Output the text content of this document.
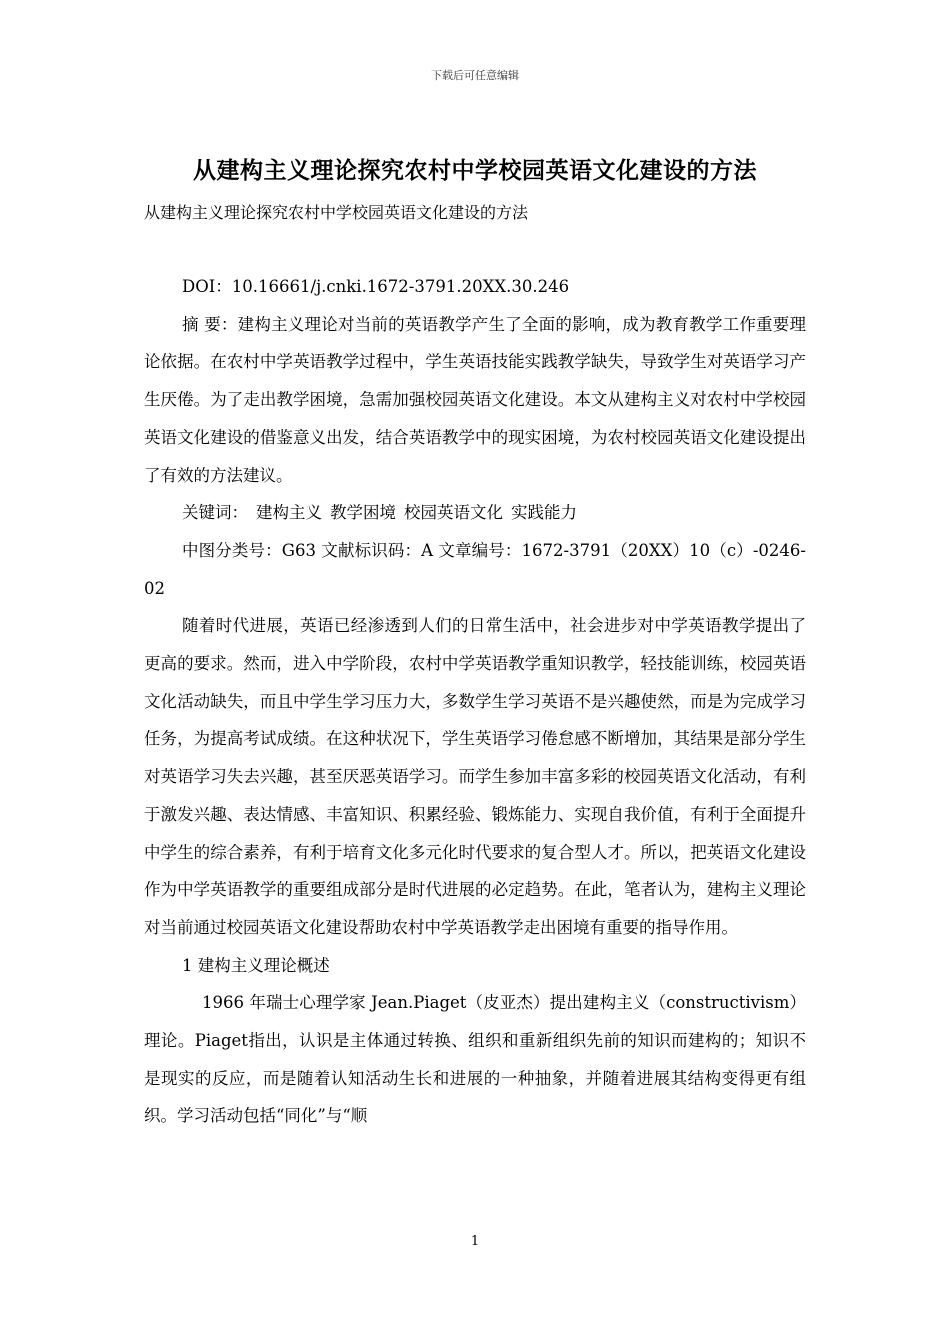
下载后可任意编辑
从建构主义理论探究农村中学校园英语文化建设的方法
从建构主义理论探究农村中学校园英语文化建设的方法

DOI：10.16661/j.cnki.1672-3791.20XX.30.246

摘 要：建构主义理论对当前的英语教学产生了全面的影响，成为教育教学工作重要理论依据。在农村中学英语教学过程中，学生英语技能实践教学缺失，导致学生对英语学习产生厌倦。为了走出教学困境，急需加强校园英语文化建设。本文从建构主义对农村中学校园英语文化建设的借鉴意义出发，结合英语教学中的现实困境，为农村校园英语文化建设提出了有效的方法建议。

关键词： 建构主义 教学困境 校园英语文化 实践能力

中图分类号：G63 文献标识码：A 文章编号：1672-3791（20XX）10（c）-0246-02

随着时代进展，英语已经渗透到人们的日常生活中，社会进步对中学英语教学提出了更高的要求。然而，进入中学阶段，农村中学英语教学重知识教学，轻技能训练，校园英语文化活动缺失，而且中学生学习压力大，多数学生学习英语不是兴趣使然，而是为完成学习任务，为提高考试成绩。在这种状况下，学生英语学习倦怠感不断增加，其结果是部分学生对英语学习失去兴趣，甚至厌恶英语学习。而学生参加丰富多彩的校园英语文化活动，有利于激发兴趣、表达情感、丰富知识、积累经验、锻炼能力、实现自我价值，有利于全面提升中学生的综合素养，有利于培育文化多元化时代要求的复合型人才。所以，把英语文化建设作为中学英语教学的重要组成部分是时代进展的必定趋势。在此，笔者认为，建构主义理论对当前通过校园英语文化建设帮助农村中学英语教学走出困境有重要的指导作用。

1 建构主义理论概述

1966 年瑞士心理学家 Jean.Piaget（皮亚杰）提出建构主义（constructivism）理论。Piaget指出，认识是主体通过转换、组织和重新组织先前的知识而建构的；知识不是现实的反应，而是随着认知活动生长和进展的一种抽象，并随着进展其结构变得更有组织。学习活动包括“同化”与“顺

1
